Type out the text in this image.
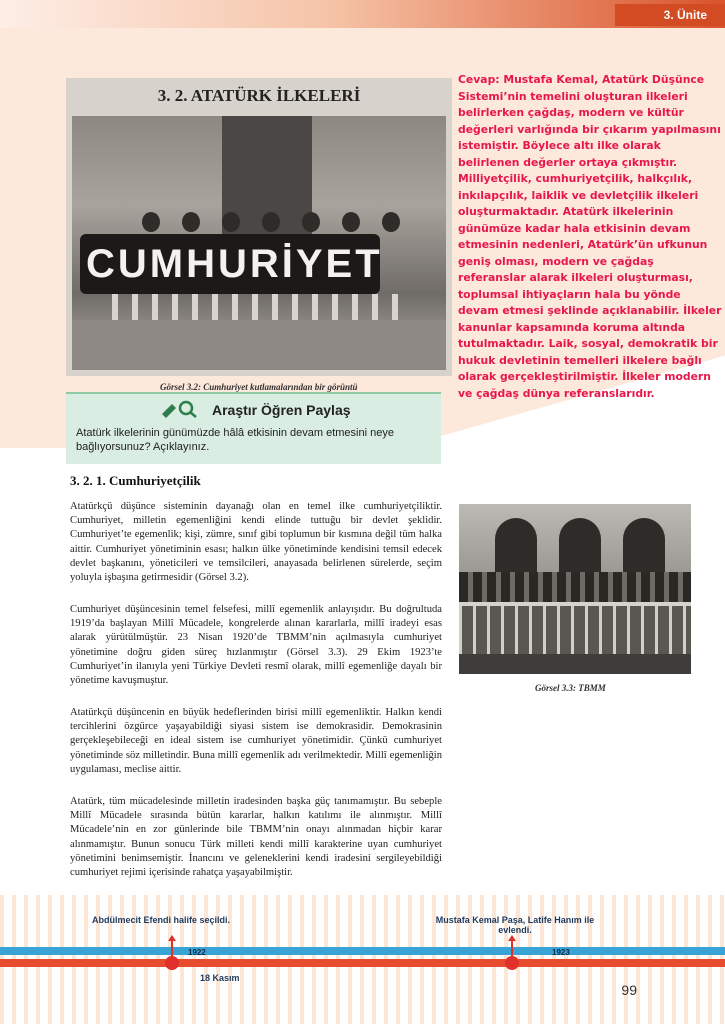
3. Ünite
3. 2. ATATÜRK İLKELERİ
CUMHURİYET
Görsel 3.2: Cumhuriyet kutlamalarından bir görüntü
Cevap: Mustafa Kemal, Atatürk Düşünce Sistemi’nin temelini oluşturan ilkeleri belirlerken çağdaş, modern ve kültür değerleri varlığında bir çıkarım yapılmasını istemiştir. Böylece altı ilke olarak belirlenen değerler ortaya çıkmıştır. Milliyetçilik, cumhuriyetçilik, halkçılık, inkılapçılık, laiklik ve devletçilik ilkeleri oluşturmaktadır. Atatürk ilkelerinin günümüze kadar hala etkisinin devam etmesinin nedenleri, Atatürk’ün ufkunun geniş olması, modern ve çağdaş referanslar alarak ilkeleri oluşturması, toplumsal ihtiyaçların hala bu yönde devam etmesi şeklinde açıklanabilir. İlkeler kanunlar kapsamında koruma altında tutulmaktadır. Laik, sosyal, demokratik bir hukuk devletinin temelleri ilkelere bağlı olarak gerçekleştirilmiştir. İlkeler modern ve çağdaş dünya referanslarıdır.
Araştır Öğren Paylaş
Atatürk ilkelerinin günümüzde hâlâ etkisinin devam etmesini neye bağlıyorsunuz? Açıklayınız.
3. 2. 1. Cumhuriyetçilik
Atatürkçü düşünce sisteminin dayanağı olan en temel ilke cumhuriyetçiliktir. Cumhuriyet, milletin egemenliğini kendi elinde tuttuğu bir devlet şeklidir. Cumhuriyet’te egemenlik; kişi, zümre, sınıf gibi toplumun bir kısmına değil tüm halka aittir. Cumhuriyet yönetiminin esası; halkın ülke yönetiminde kendisini temsil edecek devlet başkanını, yöneticileri ve temsilcileri, anayasada belirlenen sürelerde, seçim yoluyla işbaşına getirmesidir (Görsel 3.2).
Cumhuriyet düşüncesinin temel felsefesi, millî egemenlik anlayışıdır. Bu doğrultuda 1919’da başlayan Millî Mücadele, kongrelerde alınan kararlarla, millî iradeyi esas alarak yürütülmüştür. 23 Nisan 1920’de TBMM’nin açılmasıyla cumhuriyet yönetimine doğru giden süreç hızlanmıştır (Görsel 3.3). 29 Ekim 1923’te Cumhuriyet’in ilanıyla yeni Türkiye Devleti resmî olarak, millî egemenliğe dayalı bir yönetime kavuşmuştur.
Atatürkçü düşüncenin en büyük hedeflerinden birisi millî egemenliktir. Halkın kendi tercihlerini özgürce yaşayabildiği siyasi sistem ise demokrasidir. Demokrasinin gerçekleşebileceği en ideal sistem ise cumhuriyet yönetimidir. Çünkü cumhuriyet yönetiminde söz milletindir. Buna millî egemenlik adı verilmektedir. Millî egemenliğin uygulaması, meclise aittir.
Atatürk, tüm mücadelesinde milletin iradesinden başka güç tanımamıştır. Bu sebeple Millî Mücadele sırasında bütün kararlar, halkın katılımı ile alınmıştır. Millî Mücadele’nin en zor günlerinde bile TBMM’nin onayı alınmadan hiçbir karar alınmamıştır. Bunun sonucu Türk milleti kendi millî karakterine uyan cumhuriyet yönetimini benimsemiştir. İnancını ve geleneklerini kendi iradesini sergileyebildiği cumhuriyet rejimi içerisinde rahatça yaşayabilmiştir.
Görsel 3.3: TBMM
Abdülmecit Efendi halife seçildi.	Mustafa Kemal Paşa, Latife Hanım ile evlendi.
1922	1923
18 Kasım
99
